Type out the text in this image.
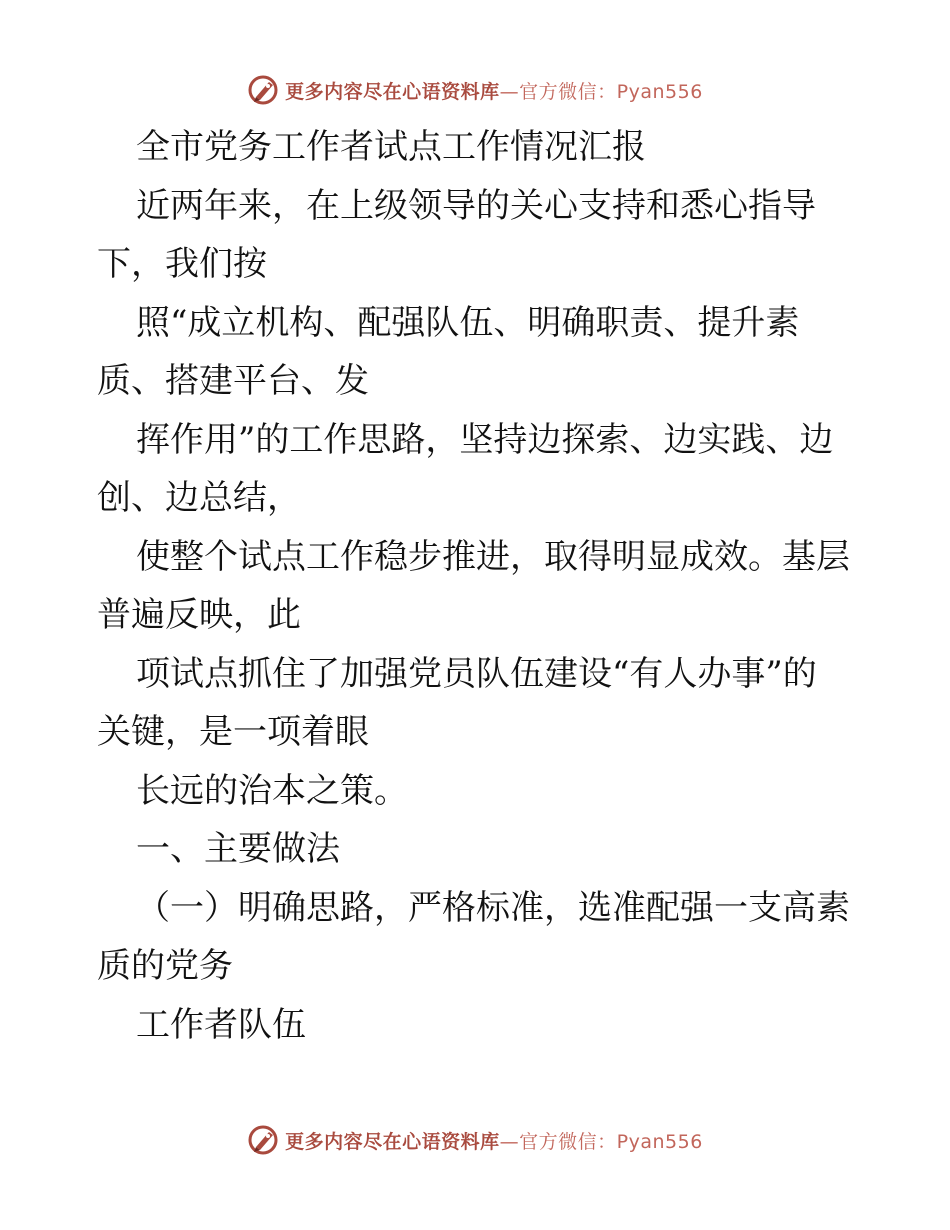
更多内容尽在心语资料库 —官方微信：Pyan556
全市党务工作者试点工作情况汇报
近两年来，在上级领导的关心支持和悉心指导
下，我们按
照“成立机构、配强队伍、明确职责、提升素
质、搭建平台、发
挥作用”的工作思路，坚持边探索、边实践、边
创、边总结，
使整个试点工作稳步推进，取得明显成效。基层
普遍反映，此
项试点抓住了加强党员队伍建设“有人办事”的
关键，是一项着眼
长远的治本之策。
一、主要做法
（一）明确思路，严格标准，选准配强一支高素
质的党务
工作者队伍
更多内容尽在心语资料库 —官方微信：Pyan556
